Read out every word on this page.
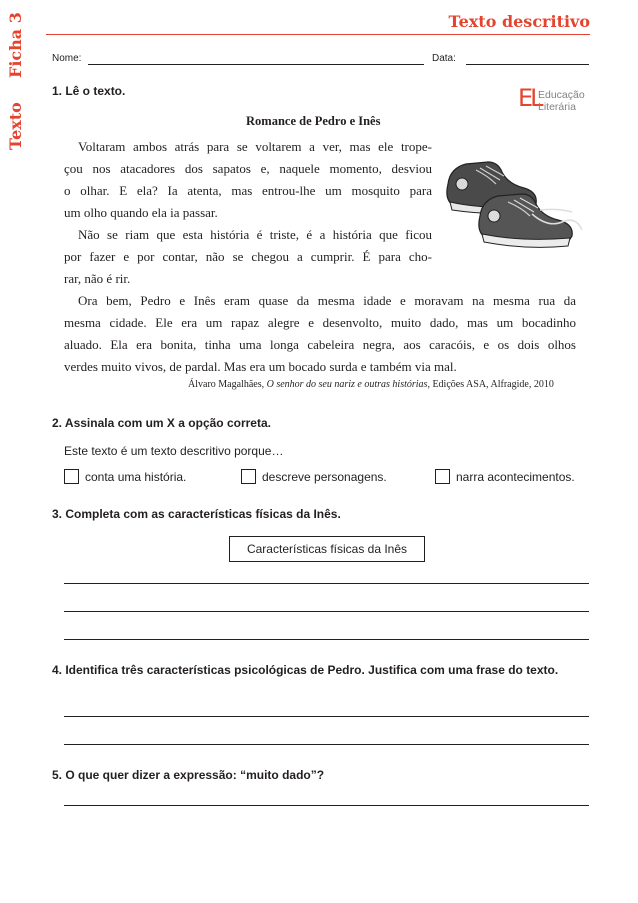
Texto
Ficha 3	Texto descritivo
Nome:	Data:
EL
Educação
Literária
1. Lê o texto.
Romance de Pedro e Inês
Voltaram ambos atrás para se voltarem a ver, mas ele trope-
çou nos atacadores dos sapatos e, naquele momento, desviou
o olhar. E ela? Ia atenta, mas entrou-lhe um mosquito para
um olho quando ela ia passar.
Não se riam que esta história é triste, é a história que ficou
por fazer e por contar, não se chegou a cumprir. É para cho-
rar, não é rir.
Ora bem, Pedro e Inês eram quase da mesma idade e moravam na mesma rua da
mesma cidade. Ele era um rapaz alegre e desenvolto, muito dado, mas um bocadinho
aluado. Ela era bonita, tinha uma longa cabeleira negra, aos caracóis, e os dois olhos
verdes muito vivos, de pardal. Mas era um bocado surda e também via mal.
Álvaro Magalhães, O senhor do seu nariz e outras histórias, Edições ASA, Alfragide, 2010
2. Assinala com um X a opção correta.
Este texto é um texto descritivo porque…
conta uma história.	descreve personagens.	narra acontecimentos.
3. Completa com as características físicas da Inês.
Características físicas da Inês
4. Identifica três características psicológicas de Pedro. Justifica com uma frase do texto.
5. O que quer dizer a expressão: “muito dado”?
